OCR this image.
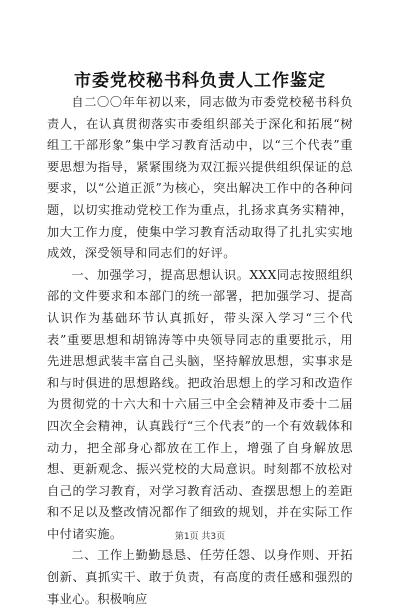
市委党校秘书科负责人工作鉴定

自二〇〇年年初以来，同志做为市委党校秘书科负责人，在认真贯彻落实市委组织部关于深化和拓展“树组工干部形象”集中学习教育活动中，以“三个代表”重要思想为指导，紧紧围绕为双江振兴提供组织保证的总要求，以“公道正派”为核心，突出解决工作中的各种问题，以切实推动党校工作为重点，扎扬求真务实精神，加大工作力度，使集中学习教育活动取得了扎扎实实地成效，深受领导和同志们的好评。

一、加强学习，提高思想认识。XXX同志按照组织部的文件要求和本部门的统一部署，把加强学习、提高认识作为基础环节认真抓好，带头深入学习“三个代表”重要思想和胡锦涛等中央领导同志的重要批示，用先进思想武装丰富自己头脑，坚持解放思想，实事求是和与时俱进的思想路线。把政治思想上的学习和改造作为贯彻党的十六大和十六届三中全会精神及市委十二届四次全会精神，认真践行“三个代表”的一个有效载体和动力，把全部身心都放在工作上，增强了自身解放思想、更新观念、振兴党校的大局意识。时刻都不放松对自己的学习教育，对学习教育活动、查摆思想上的差距和不足以及整改情况都作了细致的规划，并在实际工作中付诸实施。

二、工作上勤勤恳恳、任劳任怨、以身作则、开拓创新、真抓实干、敢于负责，有高度的责任感和强烈的事业心。积极响应

第1页 共3页
